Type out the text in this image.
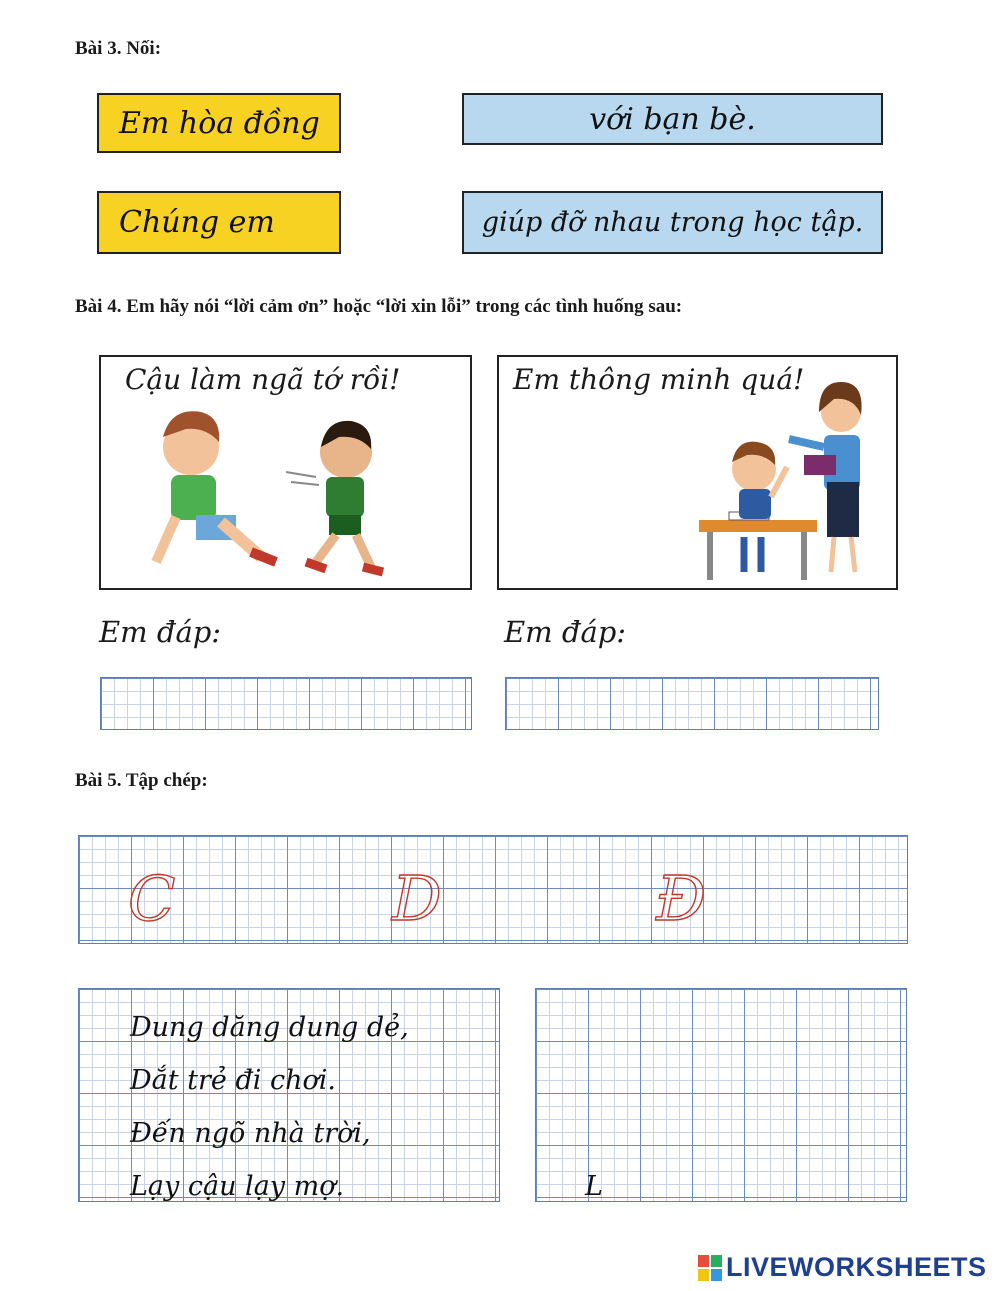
Bài 3. Nối:
Em hòa đồng	với bạn bè.
Chúng em	giúp đỡ nhau trong học tập.
Bài 4. Em hãy nói “lời cảm ơn” hoặc “lời xin lỗi” trong các tình huống sau:
Cậu làm ngã tớ rồi!	Em thông minh quá!
Em đáp:	Em đáp:
Bài 5. Tập chép:
C	D	Đ
Dung dăng dung dẻ,
Dắt trẻ đi chơi.
Đến ngõ nhà trời,
Lạy cậu lạy mợ.	L
LIVEWORKSHEETS
